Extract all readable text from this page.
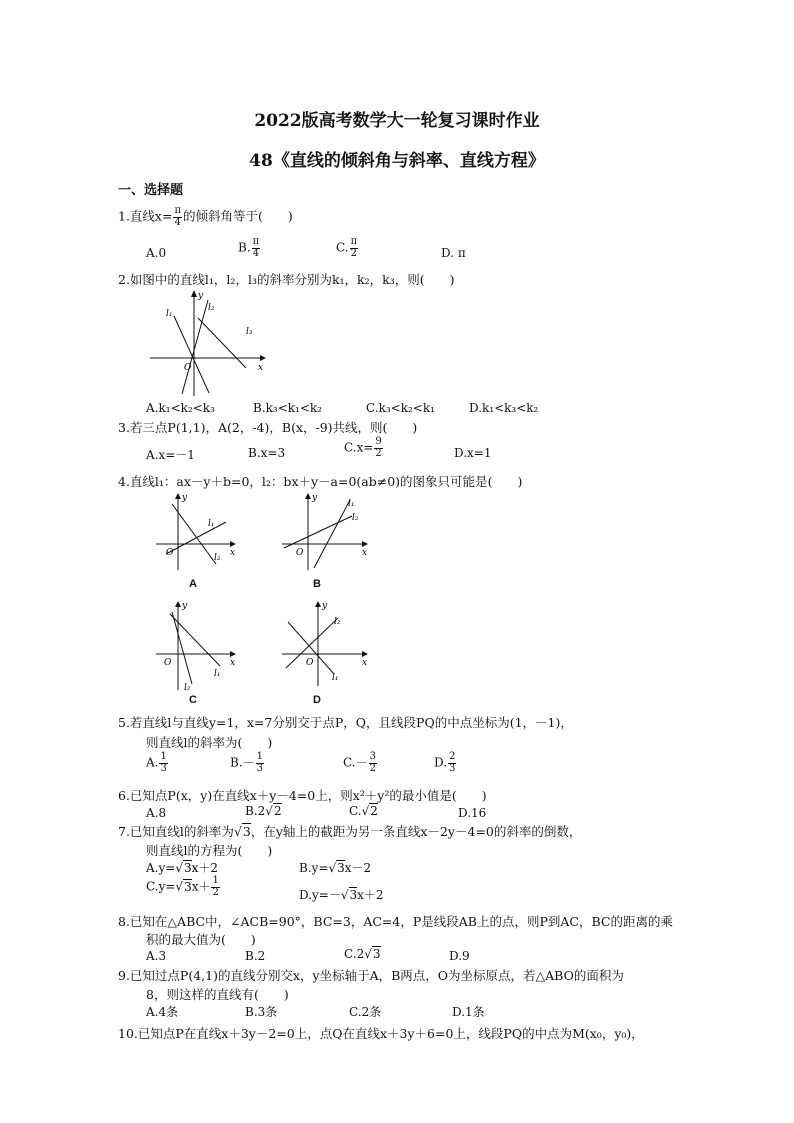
2022版高考数学大一轮复习课时作业
48《直线的倾斜角与斜率、直线方程》
一、选择题
1.直线$x= \frac{\pi}{4}$ 的倾斜角等于(　　)
A.0	B. $\frac{\pi}{4}$	C. $\frac{\pi}{2}$	D. π
2.如图中的直线l₁，l₂，l₃的斜率分别为k₁，k₂，k₃，则(　　)
y
x
O
l₁
l₂
l₃
A.k₁<k₂<k₃	B.k₃<k₁<k₂	C.k₃<k₂<k₁	D.k₁<k₃<k₂
3.若三点P(1,1)，A(2，-4)，B(x，-9)共线，则(　　)
A.x=－1	B.x=3	$C.x= \frac{9}{2}$	D.x=1
4.直线l₁：ax－y＋b=0，l₂：bx＋y－a=0(ab≠0)的图象只可能是(　　)
y
x
O
l₁
l₂
A
y
x
O
l₁
l₂
B
y
x
O
l₁
l₂
C
y
x
O
l₁
l₂
D
5.若直线l与直线y=1，x=7分别交于点P，Q，且线段PQ的中点坐标为(1，－1)，
则直线l的斜率为(　　)
A. $\frac{1}{3}$	$B.- \frac{1}{3}$	$C.- \frac{3}{2}$	D. $\frac{2}{3}$
6.已知点P(x，y)在直线x＋y－4=0上，则x²＋y²的最小值是(　　)
A.8	B.2√2	C.√2	D.16
7.已知直线l的斜率为√3，在y轴上的截距为另一条直线x－2y－4=0的斜率的倒数，
则直线l的方程为(　　)
A.y=√3x＋2	B.y=√3x－2
$C.y=√3x+ \frac{1}{2}$	D.y=－√3x＋2
8.已知在△ABC中，∠ACB=90°，BC=3，AC=4，P是线段AB上的点，则P到AC，BC的距离的乘
积的最大值为(　　)
A.3	B.2	C.2√3	D.9
9.已知过点P(4,1)的直线分别交x，y坐标轴于A，B两点，O为坐标原点，若△ABO的面积为
8，则这样的直线有(　　)
A.4条	B.3条	C.2条	D.1条
10.已知点P在直线x＋3y－2=0上，点Q在直线x＋3y＋6=0上，线段PQ的中点为M(x₀，y₀)，
